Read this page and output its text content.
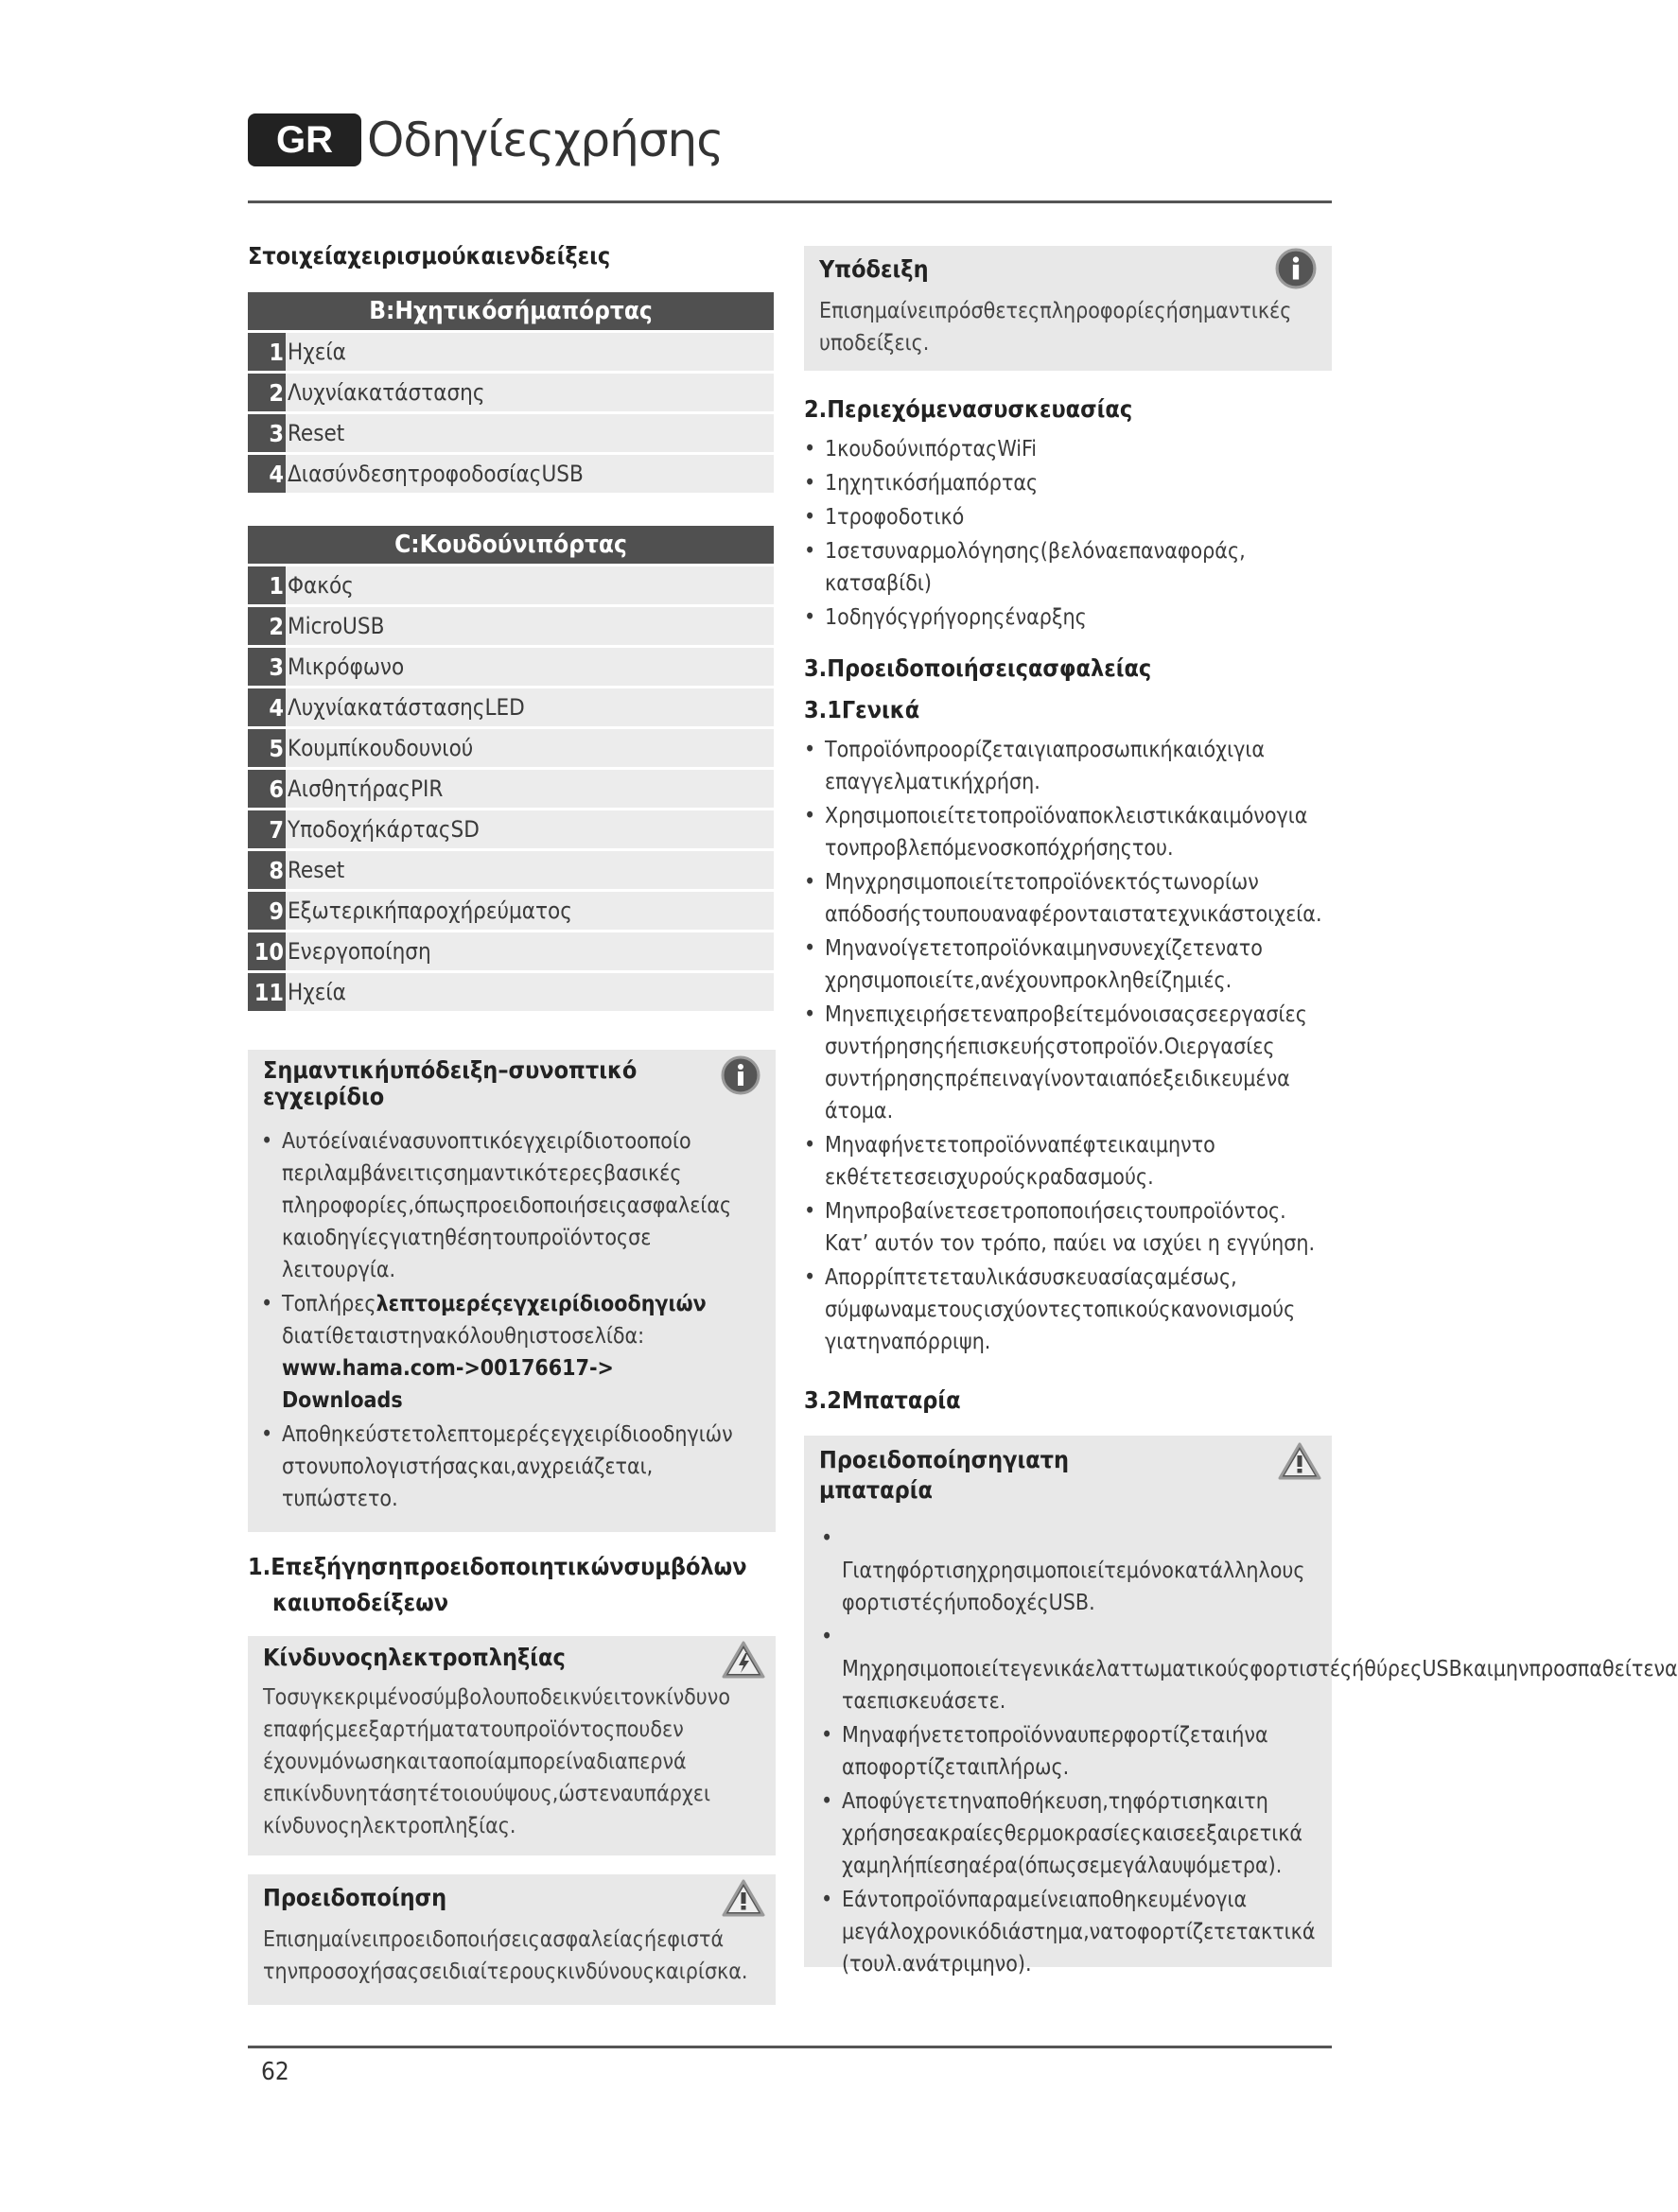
GR Οδηγίεςχρήσης
Στοιχείαχειρισμούκαιενδείξεις
B:Ηχητικόσήμαπόρτας
1 Ηχεία
2 Λυχνίακατάστασης
3 Reset
4 ΔιασύνδεσητροφοδοσίαςUSB
C:Κουδούνιπόρτας
1 Φακός
2 MicroUSB
3 Μικρόφωνο
4 ΛυχνίακατάστασηςLED
5 Κουμπίκουδουνιού
6 ΑισθητήραςPIR
7 ΥποδοχήκάρταςSD
8 Reset
9 Εξωτερικήπαροχήρεύματος
10 Ενεργοποίηση
11 Ηχεία
Σημαντικήυπόδειξη–συνοπτικό εγχειρίδιο
• Αυτόείναιένασυνοπτικόεγχειρίδιοτοοποίο περιλαμβάνειτιςσημαντικότερεςβασικές πληροφορίες,όπωςπροειδοποιήσειςασφαλείας καιοδηγίεςγιατηθέσητουπροϊόντοςσε λειτουργία.
• Τοπλήρεςλεπτομερέςεγχειρίδιοοδηγιών διατίθεταιστηνακόλουθηιστοσελίδα:
www.hama.com->00176617->
Downloads
• Αποθηκεύστετολεπτομερέςεγχειρίδιοοδηγιών στονυπολογιστήσαςκαι,ανχρειάζεται, τυπώστετο.
1.Επεξήγησηπροειδοποιητικώνσυμβόλων
καιυποδείξεων
Κίνδυνοςηλεκτροπληξίας
Τοσυγκεκριμένοσύμβολουποδεικνύειτονκίνδυνο επαφήςμεεξαρτήματατουπροϊόντοςπουδεν έχουνμόνωσηκαιταοποίαμπορείναδιαπερνά επικίνδυνητάσητέτοιουύψους,ώστεναυπάρχει κίνδυνοςηλεκτροπληξίας.
Προειδοποίηση
Επισημαίνειπροειδοποιήσειςασφαλείαςήεφιστά τηνπροσοχήσαςσειδιαίτερουςκινδύνουςκαιρίσκα.
Υπόδειξη
Επισημαίνειπρόσθετεςπληροφορίεςήσημαντικές υποδείξεις.
2.Περιεχόμενασυσκευασίας
• 1κουδούνιπόρταςWiFi
• 1ηχητικόσήμαπόρτας
• 1τροφοδοτικό
• 1σετσυναρμολόγησης(βελόναεπαναφοράς, κατσαβίδι)
• 1οδηγόςγρήγορηςέναρξης
3.Προειδοποιήσειςασφαλείας
3.1Γενικά
• Τοπροϊόνπροορίζεταιγιαπροσωπικήκαιόχιγια επαγγελματικήχρήση.
• Χρησιμοποιείτετοπροϊόναποκλειστικάκαιμόνογια τονπροβλεπόμενοσκοπόχρήσηςτου.
• Μηνχρησιμοποιείτετοπροϊόνεκτόςτωνορίων απόδοσήςτουπουαναφέρονταιστατεχνικάστοιχεία.
• Μηνανοίγετετοπροϊόνκαιμηνσυνεχίζετενατο χρησιμοποιείτε,ανέχουνπροκληθείζημιές.
• Μηνεπιχειρήσετεναπροβείτεμόνοισαςσεεργασίες συντήρησηςήεπισκευήςστοπροϊόν.Οιεργασίες συντήρησηςπρέπειναγίνονταιαπόεξειδικευμένα άτομα.
• Μηναφήνετετοπροϊόνναπέφτεικαιμηντο εκθέτετεσεισχυρούςκραδασμούς.
• Μηνπροβαίνετεσετροποποιήσειςτουπροϊόντος. Κατ’ αυτόν τον τρόπο, παύει να ισχύει η εγγύηση.
• Απορρίπτετεταυλικάσυσκευασίαςαμέσως, σύμφωναμετουςισχύοντεςτοπικούςκανονισμούς γιατηναπόρριψη.
3.2Μπαταρία
Προειδοποίησηγιατη μπαταρία
• Γιατηφόρτισηχρησιμοποιείτεμόνοκατάλληλους φορτιστέςήυποδοχέςUSB.
• ΜηχρησιμοποιείτεγενικάελαττωματικούςφορτιστέςήθύρεςUSBκαιμηνπροσπαθείτενα ταεπισκευάσετε.
• Μηναφήνετετοπροϊόνναυπερφορτίζεταιήνα αποφορτίζεταιπλήρως.
• Αποφύγετετηναποθήκευση,τηφόρτισηκαιτη χρήσησεακραίεςθερμοκρασίεςκαισεεξαιρετικά χαμηλήπίεσηαέρα(όπωςσεμεγάλαυψόμετρα).
• Εάντοπροϊόνπαραμείνειαποθηκευμένογια μεγάλοχρονικόδιάστημα,νατοφορτίζετετακτικά (τουλ.ανάτριμηνο).
62
